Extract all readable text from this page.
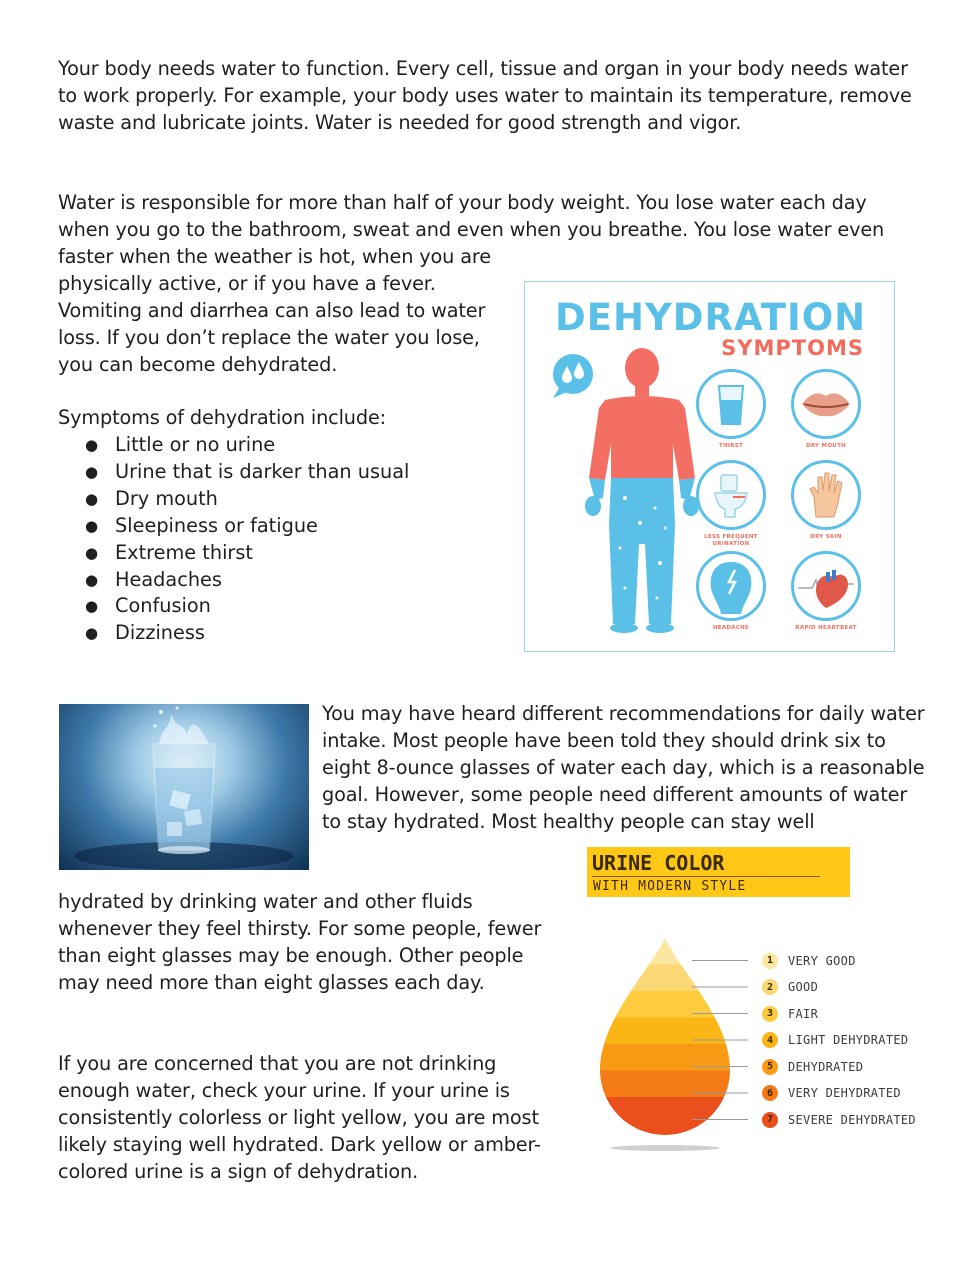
Your body needs water to function. Every cell, tissue and organ in your body needs water to work properly. For example, your body uses water to maintain its temperature, remove waste and lubricate joints. Water is needed for good strength and vigor.

Water is responsible for more than half of your body weight. You lose water each day when you go to the bathroom, sweat and even when you breathe. You lose water even

faster when the weather is hot, when you are physically active, or if you have a fever. Vomiting and diarrhea can also lead to water loss. If you don’t replace the water you lose, you can become dehydrated.

Symptoms of dehydration include:

● Little or no urine
● Urine that is darker than usual
● Dry mouth
● Sleepiness or fatigue
● Extreme thirst
● Headaches
● Confusion
● Dizziness
DEHYDRATION
SYMPTOMS
THIRST	DRY MOUTH
LESS FREQUENT URINATION
DRY SKIN
HEADACHE	RAPID HEARTBEAT

You may have heard different recommendations for daily water intake. Most people have been told they should drink six to eight 8-ounce glasses of water each day, which is a reasonable goal. However, some people need different amounts of water to stay hydrated. Most healthy people can stay well

hydrated by drinking water and other fluids whenever they feel thirsty. For some people, fewer than eight glasses may be enough. Other people may need more than eight glasses each day.

If you are concerned that you are not drinking enough water, check your urine. If your urine is consistently colorless or light yellow, you are most likely staying well hydrated. Dark yellow or amber-colored urine is a sign of dehydration.

URINE COLOR
WITH MODERN STYLE
1	VERY GOOD
2	GOOD
3	FAIR
4	LIGHT DEHYDRATED
5	DEHYDRATED
6	VERY DEHYDRATED
7	SEVERE DEHYDRATED
